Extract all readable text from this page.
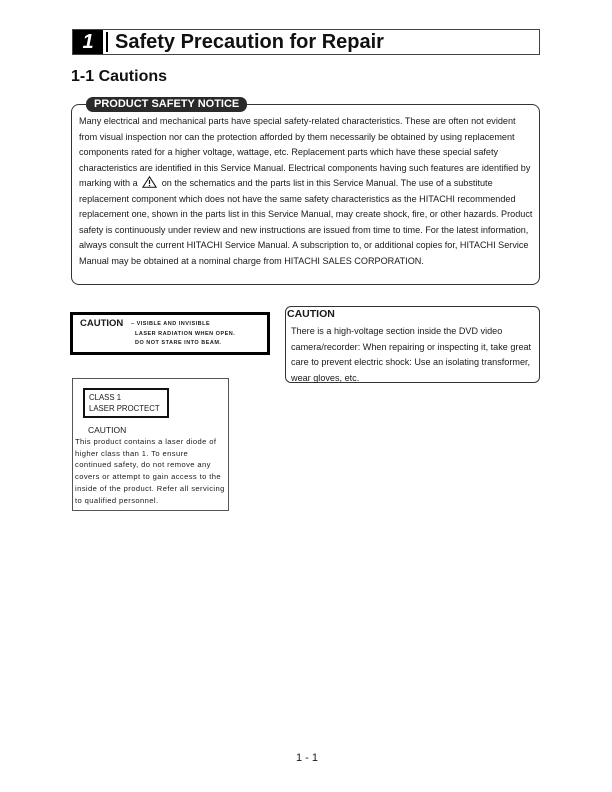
1	Safety Precaution for Repair
1-1 Cautions
PRODUCT SAFETY NOTICE
Many electrical and mechanical parts have special safety-related characteristics. These are often not evident from visual inspection nor can the protection afforded by them necessarily be obtained by using replacement components rated for a higher voltage, wattage, etc. Replacement parts which have these special safety characteristics are identified in this Service Manual. Electrical components having such features are identified by marking with a	on the schematics and the parts list in this Service Manual. The use of a substitute replacement component which does not have the same safety characteristics as the HITACHI recommended replacement one, shown in the parts list in this Service Manual, may create shock, fire, or other hazards. Product safety is continuously under review and new instructions are issued from time to time. For the latest information, always consult the current HITACHI Service Manual. A subscription to, or additional copies for, HITACHI Service Manual may be obtained at a nominal charge from HITACHI SALES CORPORATION.
CAUTION – VISIBLE AND INVISIBLE
LASER RADIATION WHEN OPEN.
DO NOT STARE INTO BEAM.
CAUTION
There is a high-voltage section inside the DVD video camera/recorder: When repairing or inspecting it, take great care to prevent electric shock: Use an isolating transformer, wear gloves, etc.
CLASS 1
LASER PROCTECT
CAUTION
This product contains a laser diode of higher class than 1. To ensure continued safety, do not remove any covers or attempt to gain access to the inside of the product. Refer all servicing to qualified personnel.
1 - 1
